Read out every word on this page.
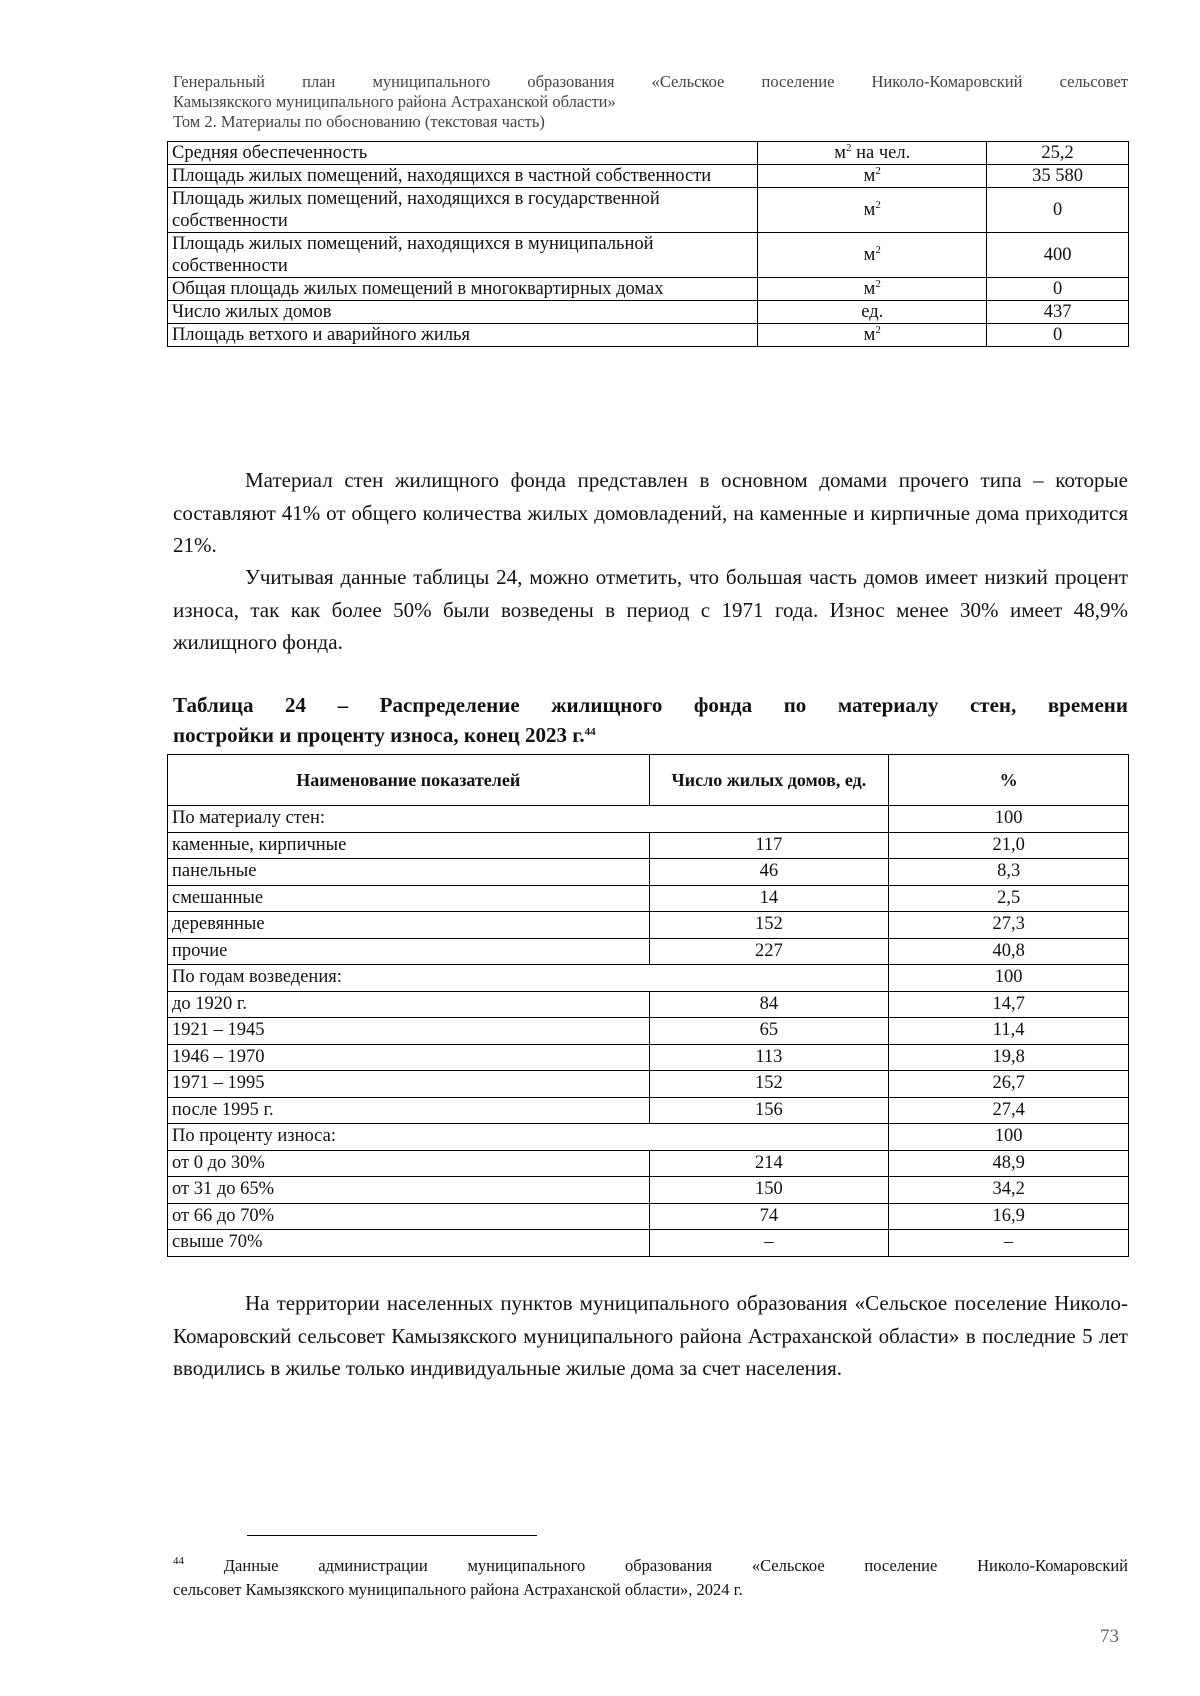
Генеральный план муниципального образования «Сельское поселение Николо-Комаровский сельсовет
Камызякского муниципального района Астраханской области»
Том 2. Материалы по обоснованию (текстовая часть)
Средняя обеспеченность	$м^2$ на чел.	25,2
Площадь жилых помещений, находящихся в частной собственности	$м^2$	35 580
Площадь жилых помещений, находящихся в государственной собственности	$м^2$	0
Площадь жилых помещений, находящихся в муниципальной собственности	$м^2$	400
Общая площадь жилых помещений в многоквартирных домах	$м^2$	0
Число жилых домов	ед.	437
Площадь ветхого и аварийного жилья	$м^2$	0
Материал стен жилищного фонда представлен в основном домами прочего типа – которые составляют 41% от общего количества жилых домовладений, на каменные и кирпичные дома приходится 21%.
Учитывая данные таблицы 24, можно отметить, что большая часть домов имеет низкий процент износа, так как более 50% были возведены в период с 1971 года. Износ менее 30% имеет 48,9% жилищного фонда.
Таблица 24 – Распределение жилищного фонда по материалу стен, времени
постройки и проценту износа, конец 2023 г.$^{44}$
Наименование показателей	Число жилых домов, ед.	%
По материалу стен:		100
каменные, кирпичные	117	21,0
панельные	46	8,3
смешанные	14	2,5
деревянные	152	27,3
прочие	227	40,8
По годам возведения:		100
до 1920 г.	84	14,7
1921 – 1945	65	11,4
1946 – 1970	113	19,8
1971 – 1995	152	26,7
после 1995 г.	156	27,4
По проценту износа:		100
от 0 до 30%	214	48,9
от 31 до 65%	150	34,2
от 66 до 70%	74	16,9
свыше 70%	–	–
На территории населенных пунктов муниципального образования «Сельское поселение Николо-Комаровский сельсовет Камызякского муниципального района Астраханской области» в последние 5 лет вводились в жилье только индивидуальные жилые дома за счет населения.
$^{44}$ Данные администрации муниципального образования «Сельское поселение Николо-Комаровский
сельсовет Камызякского муниципального района Астраханской области», 2024 г.
73
